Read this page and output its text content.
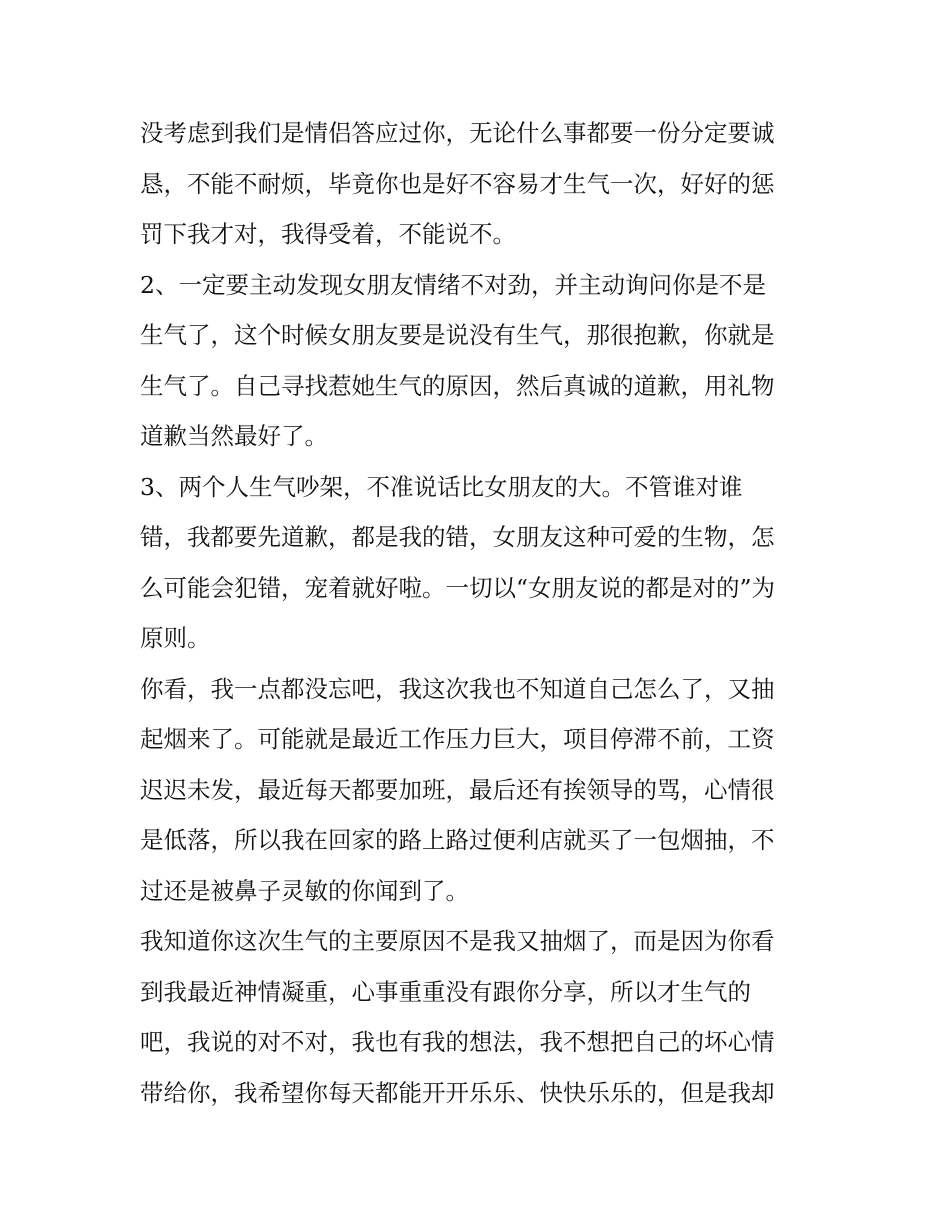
没考虑到我们是情侣答应过你，无论什么事都要一份分定要诚
恳，不能不耐烦，毕竟你也是好不容易才生气一次，好好的惩
罚下我才对，我得受着，不能说不。
2、一定要主动发现女朋友情绪不对劲，并主动询问你是不是
生气了，这个时候女朋友要是说没有生气，那很抱歉，你就是
生气了。自己寻找惹她生气的原因，然后真诚的道歉，用礼物
道歉当然最好了。
3、两个人生气吵架，不准说话比女朋友的大。不管谁对谁
错，我都要先道歉，都是我的错，女朋友这种可爱的生物，怎
么可能会犯错，宠着就好啦。一切以“女朋友说的都是对的”为
原则。
你看，我一点都没忘吧，我这次我也不知道自己怎么了，又抽
起烟来了。可能就是最近工作压力巨大，项目停滞不前，工资
迟迟未发，最近每天都要加班，最后还有挨领导的骂，心情很
是低落，所以我在回家的路上路过便利店就买了一包烟抽，不
过还是被鼻子灵敏的你闻到了。
我知道你这次生气的主要原因不是我又抽烟了，而是因为你看
到我最近神情凝重，心事重重没有跟你分享，所以才生气的
吧，我说的对不对，我也有我的想法，我不想把自己的坏心情
带给你，我希望你每天都能开开乐乐、快快乐乐的，但是我却
